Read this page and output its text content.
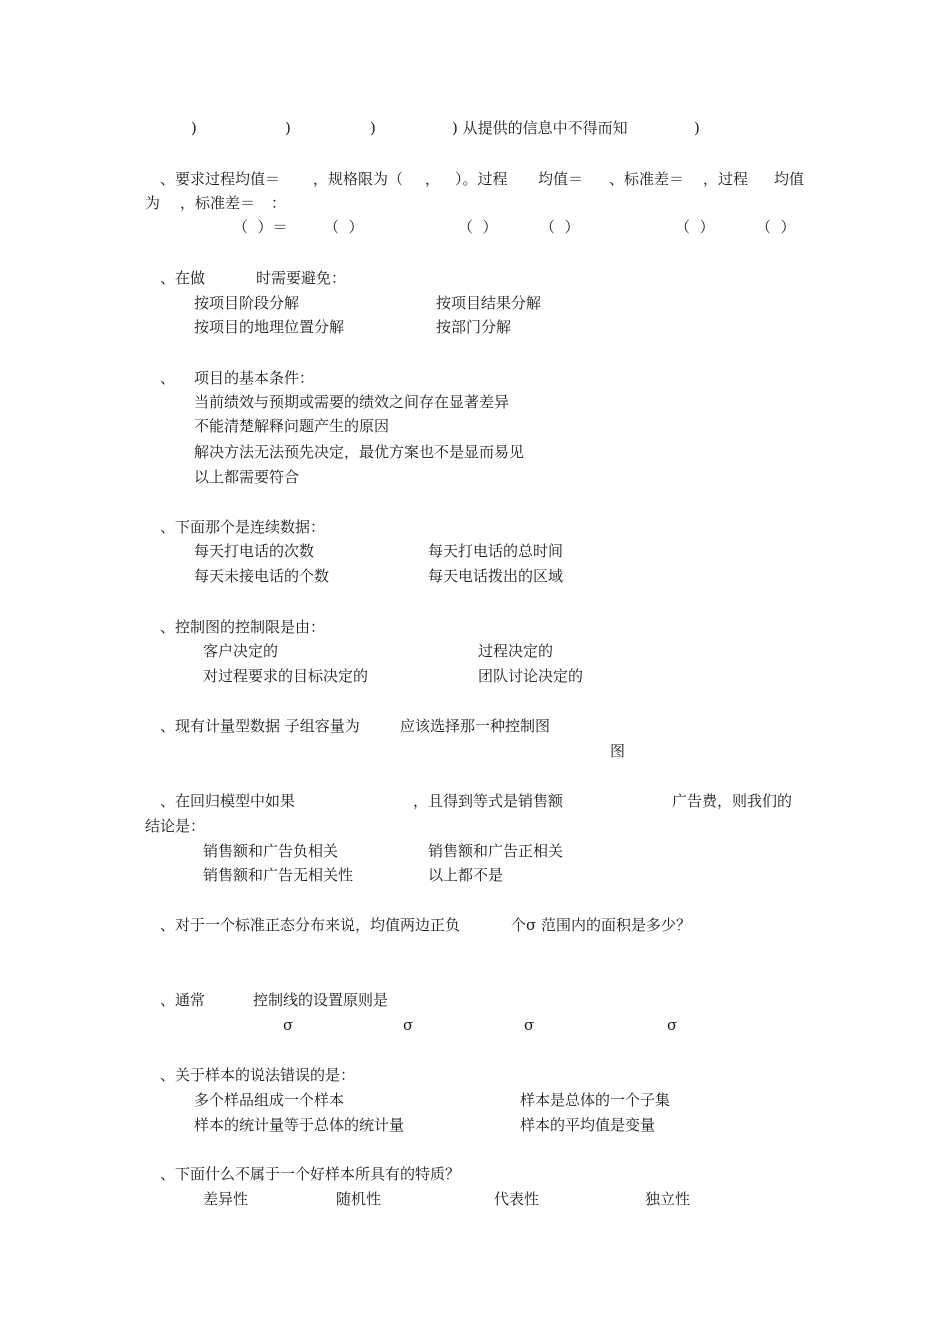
)	)	)	) 从提供的信息中不得而知	)
、要求过程均值＝ ，规格限为（ ， ）。过程 均值＝ 、标准差＝ ，过程 均值
为 ，标准差＝ ：
（  ）＝ （  ）	（  ）	（  ）	（  ）	（  ）
、在做	时需要避免：
按项目阶段分解	按项目结果分解
按项目的地理位置分解	按部门分解
、 项目的基本条件：
当前绩效与预期或需要的绩效之间存在显著差异
不能清楚解释问题产生的原因
解决方法无法预先决定，最优方案也不是显而易见
以上都需要符合
、下面那个是连续数据：
每天打电话的次数	每天打电话的总时间
每天未接电话的个数	每天电话拨出的区域
、控制图的控制限是由：
客户决定的	过程决定的
对过程要求的目标决定的	团队讨论决定的
、现有计量型数据 子组容量为	应该选择那一种控制图
图
、在回归模型中如果	，且得到等式是销售额	广告费，则我们的
结论是：
销售额和广告负相关	销售额和广告正相关
销售额和广告无相关性	以上都不是
、对于一个标准正态分布来说，均值两边正负	个σ 范围内的面积是多少？
、通常	控制线的设置原则是
σ	σ	σ	σ
、关于样本的说法错误的是：
多个样品组成一个样本	样本是总体的一个子集
样本的统计量等于总体的统计量	样本的平均值是变量
、下面什么不属于一个好样本所具有的特质？
差异性	随机性	代表性	独立性
